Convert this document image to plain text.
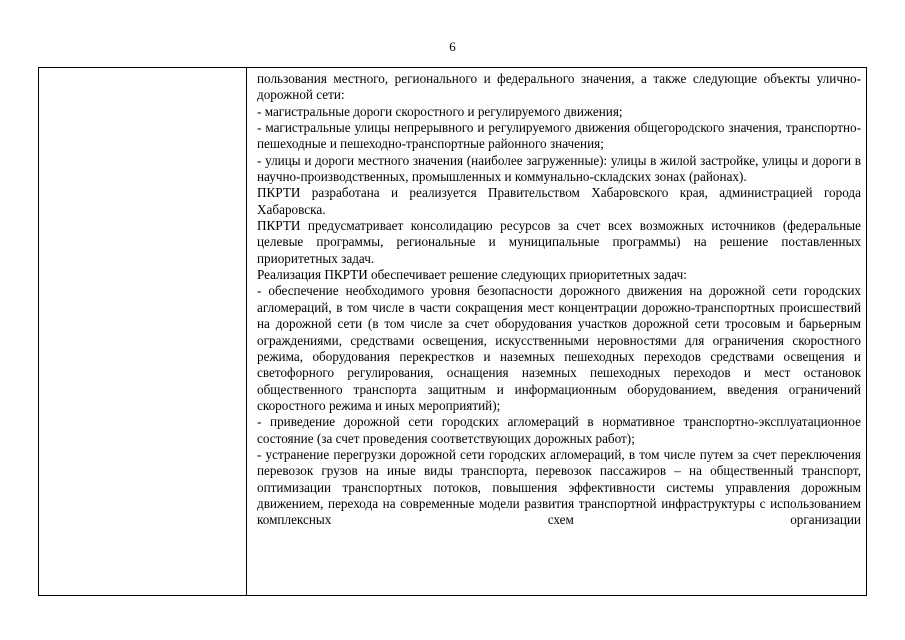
6

пользования местного, регионального и федерального значения, а также следующие объекты улично-дорожной сети:

- магистральные дороги скоростного и регулируемого движения;

- магистральные улицы непрерывного и регулируемого движения общегородского значения, транспортно-пешеходные и пешеходно-транспортные районного значения;

- улицы и дороги местного значения (наиболее загруженные): улицы в жилой застройке, улицы и дороги в научно-производственных, промышленных и коммунально-складских зонах (районах).

ПКРТИ разработана и реализуется Правительством Хабаровского края, администрацией города Хабаровска.

ПКРТИ предусматривает консолидацию ресурсов за счет всех возможных источников (федеральные целевые программы, региональные и муниципальные программы) на решение поставленных приоритетных задач.

Реализация ПКРТИ обеспечивает решение следующих приоритетных задач:

- обеспечение необходимого уровня безопасности дорожного движения на дорожной сети городских агломераций, в том числе в части сокращения мест концентрации дорожно-транспортных происшествий на дорожной сети (в том числе за счет оборудования участков дорожной сети тросовым и барьерным ограждениями, средствами освещения, искусственными неровностями для ограничения скоростного режима, оборудования перекрестков и наземных пешеходных переходов средствами освещения и светофорного регулирования, оснащения наземных пешеходных переходов и мест остановок общественного транспорта защитным и информационным оборудованием, введения ограничений скоростного режима и иных мероприятий);

- приведение дорожной сети городских агломераций в нормативное транспортно-эксплуатационное состояние (за счет проведения соответствующих дорожных работ);

- устранение перегрузки дорожной сети городских агломераций, в том числе путем за счет переключения перевозок грузов на иные виды транспорта, перевозок пассажиров – на общественный транспорт, оптимизации транспортных потоков, повышения эффективности системы управления дорожным движением, перехода на современные модели развития транспортной инфраструктуры с использованием комплексных схем организации
